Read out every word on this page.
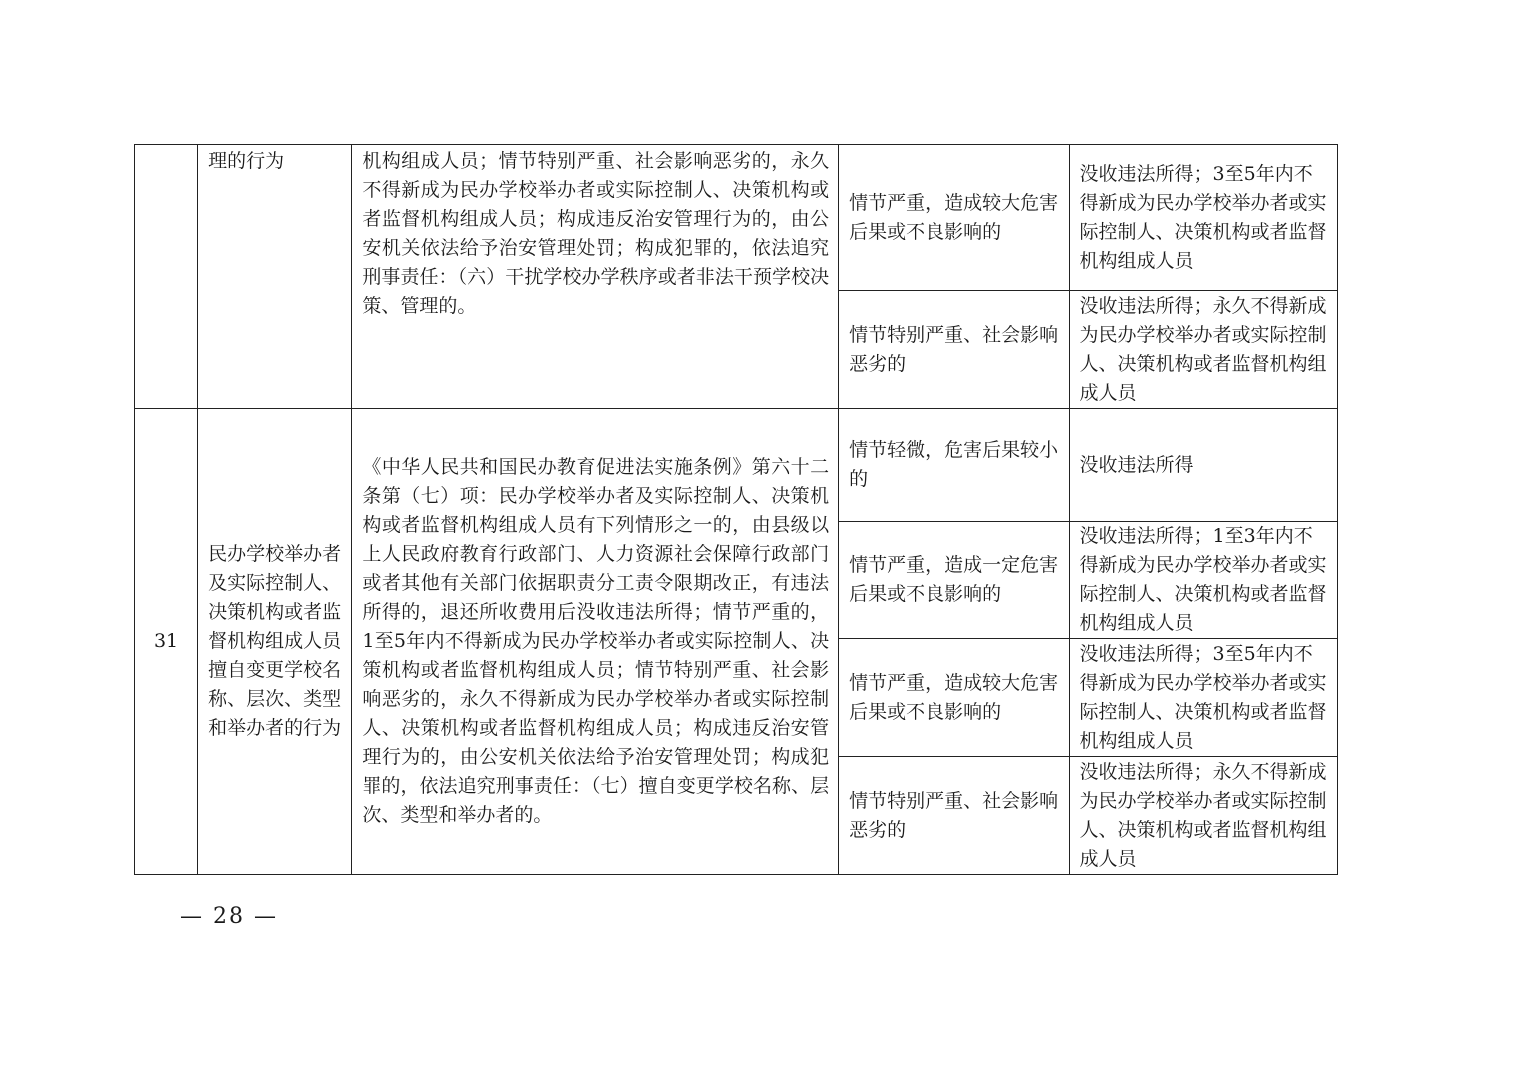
	理的行为	机构组成人员；情节特别严重、社会影响恶劣的，永久不得新成为民办学校举办者或实际控制人、决策机构或者监督机构组成人员；构成违反治安管理行为的，由公安机关依法给予治安管理处罚；构成犯罪的，依法追究刑事责任：（六）干扰学校办学秩序或者非法干预学校决策、管理的。	情节严重，造成较大危害后果或不良影响的	没收违法所得；3至5年内不得新成为民办学校举办者或实际控制人、决策机构或者监督机构组成人员

			情节特别严重、社会影响恶劣的	没收违法所得；永久不得新成为民办学校举办者或实际控制人、决策机构或者监督机构组成人员

31	民办学校举办者及实际控制人、决策机构或者监督机构组成人员擅自变更学校名称、层次、类型和举办者的行为	《中华人民共和国民办教育促进法实施条例》第六十二条第（七）项：民办学校举办者及实际控制人、决策机构或者监督机构组成人员有下列情形之一的，由县级以上人民政府教育行政部门、人力资源社会保障行政部门或者其他有关部门依据职责分工责令限期改正，有违法所得的，退还所收费用后没收违法所得；情节严重的，1至5年内不得新成为民办学校举办者或实际控制人、决策机构或者监督机构组成人员；情节特别严重、社会影响恶劣的，永久不得新成为民办学校举办者或实际控制人、决策机构或者监督机构组成人员；构成违反治安管理行为的，由公安机关依法给予治安管理处罚；构成犯罪的，依法追究刑事责任：（七）擅自变更学校名称、层次、类型和举办者的。	情节轻微，危害后果较小的	没收违法所得

			情节严重，造成一定危害后果或不良影响的	没收违法所得；1至3年内不得新成为民办学校举办者或实际控制人、决策机构或者监督机构组成人员

			情节严重，造成较大危害后果或不良影响的	没收违法所得；3至5年内不得新成为民办学校举办者或实际控制人、决策机构或者监督机构组成人员

			情节特别严重、社会影响恶劣的	没收违法所得；永久不得新成为民办学校举办者或实际控制人、决策机构或者监督机构组成人员
— 28 —
